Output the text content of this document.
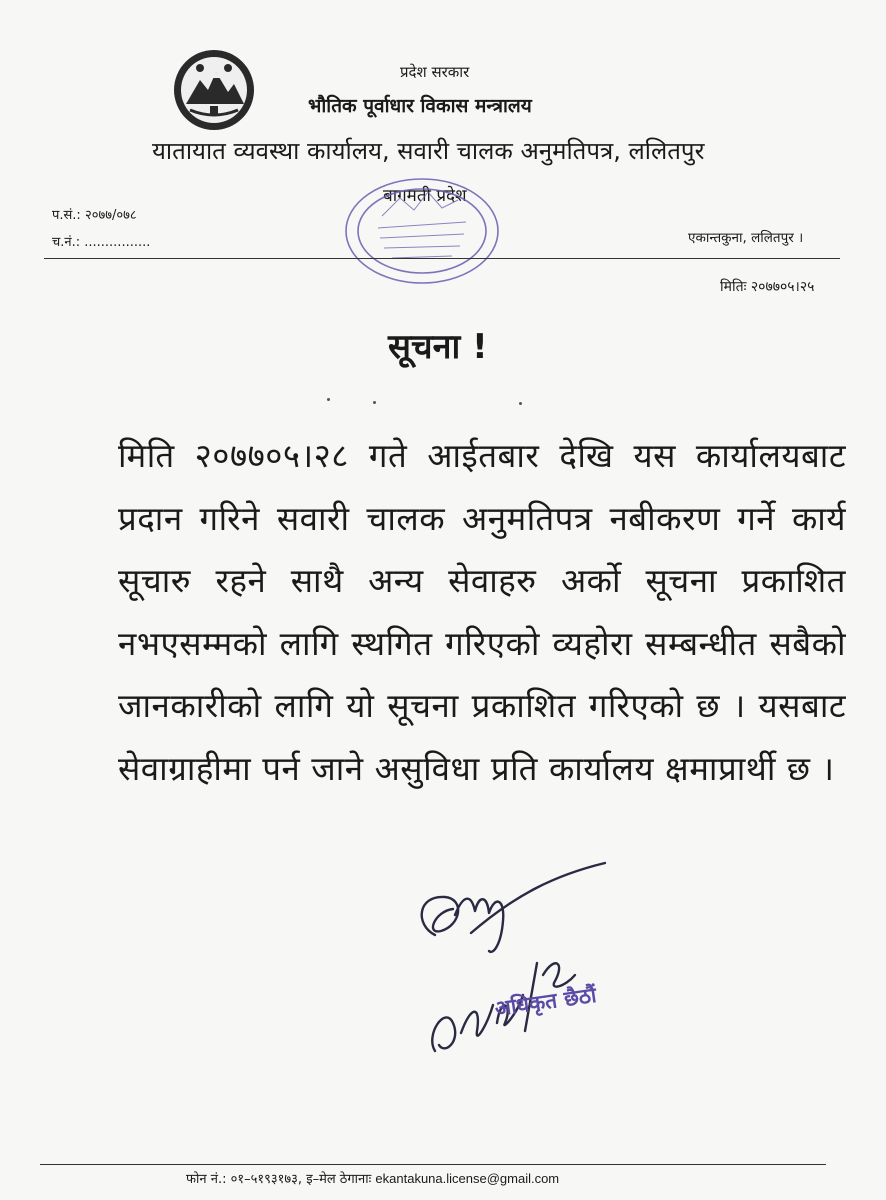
प्रदेश सरकार
भौतिक पूर्वाधार विकास मन्त्रालय
यातायात व्यवस्था कार्यालय, सवारी चालक अनुमतिपत्र, ललितपुर
बागमती प्रदेश
प.सं.: २०७७/०७८
च.नं.: ................	एकान्तकुना, ललितपुर ।
मितिः २०७७०५।२५
सूचना !
मिति २०७७०५।२८ गते आईतबार देखि यस कार्यालयबाट प्रदान गरिने सवारी चालक अनुमतिपत्र नबीकरण गर्ने कार्य सूचारु रहने साथै अन्य सेवाहरु अर्को सूचना प्रकाशित नभएसम्मको लागि स्थगित गरिएको व्यहोरा सम्बन्धीत सबैको जानकारीको लागि यो सूचना प्रकाशित गरिएको छ । यसबाट सेवाग्राहीमा पर्न जाने असुविधा प्रति कार्यालय क्षमाप्रार्थी छ ।
अधिकृत छैठौं
फोन नं.: ०१–५१९३१७३, इ–मेल ठेगानाः ekantakuna.license@gmail.com
